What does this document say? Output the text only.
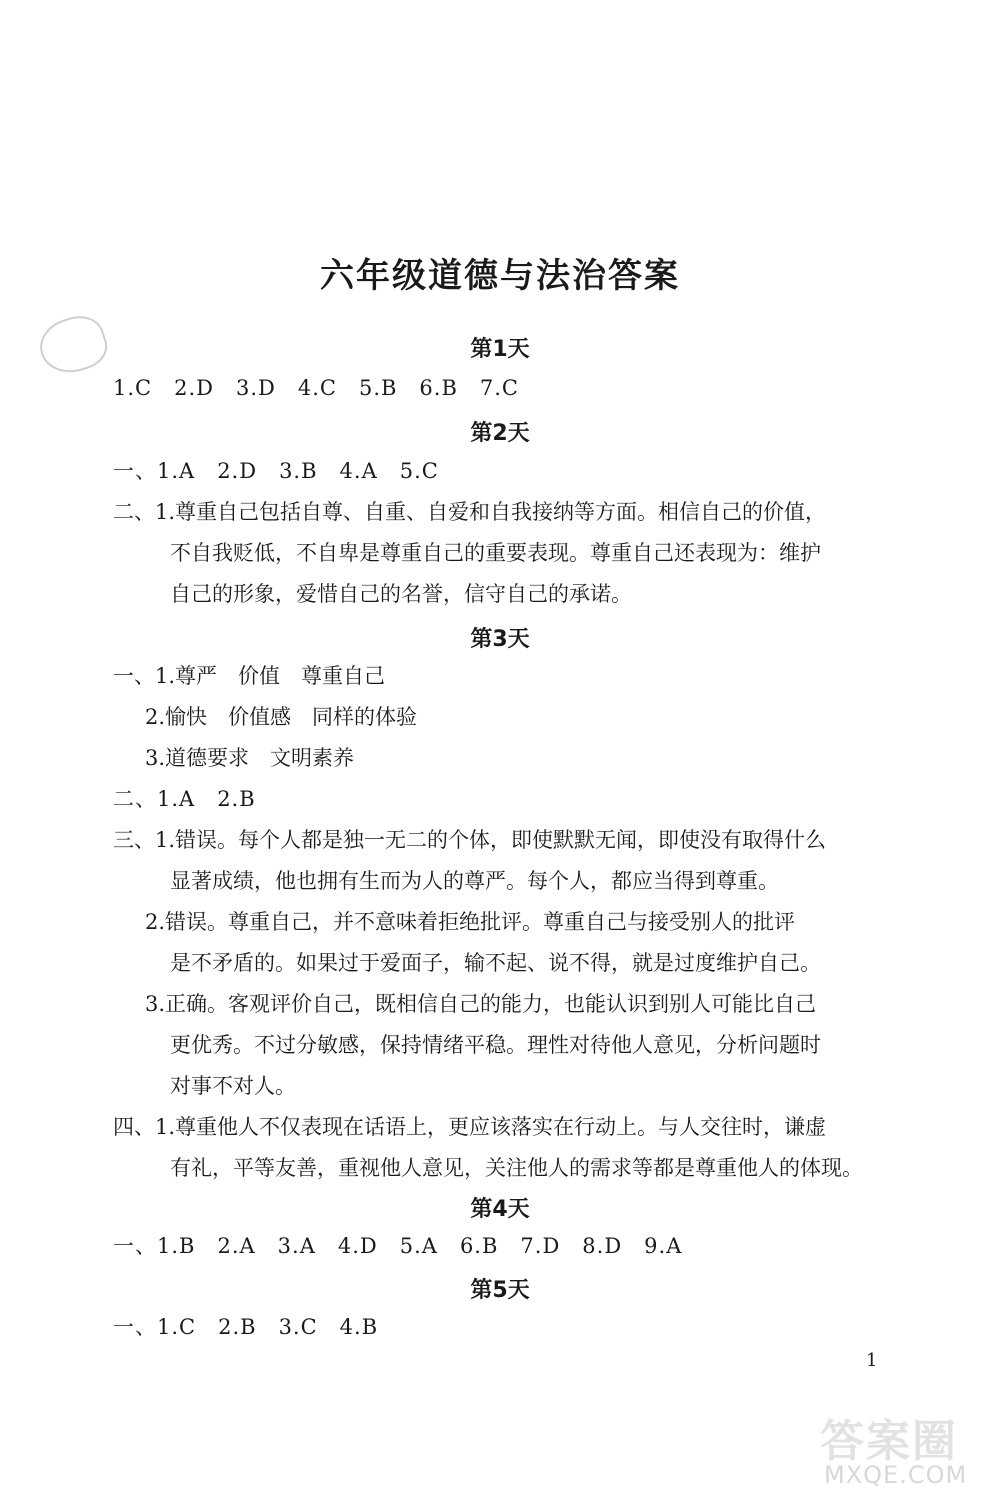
六年级道德与法治答案
第1天
1.C　2.D　3.D　4.C　5.B　6.B　7.C
第2天
一、1.A　2.D　3.B　4.A　5.C
二、1.尊重自己包括自尊、自重、自爱和自我接纳等方面。相信自己的价值，
不自我贬低，不自卑是尊重自己的重要表现。尊重自己还表现为：维护
自己的形象，爱惜自己的名誉，信守自己的承诺。
第3天
一、1.尊严　价值　尊重自己
2.愉快　价值感　同样的体验
3.道德要求　文明素养
二、1.A　2.B
三、1.错误。每个人都是独一无二的个体，即使默默无闻，即使没有取得什么
显著成绩，他也拥有生而为人的尊严。每个人，都应当得到尊重。
2.错误。尊重自己，并不意味着拒绝批评。尊重自己与接受别人的批评
是不矛盾的。如果过于爱面子，输不起、说不得，就是过度维护自己。
3.正确。客观评价自己，既相信自己的能力，也能认识到别人可能比自己
更优秀。不过分敏感，保持情绪平稳。理性对待他人意见，分析问题时
对事不对人。
四、1.尊重他人不仅表现在话语上，更应该落实在行动上。与人交往时，谦虚
有礼，平等友善，重视他人意见，关注他人的需求等都是尊重他人的体现。
第4天
一、1.B　2.A　3.A　4.D　5.A　6.B　7.D　8.D　9.A
第5天
一、1.C　2.B　3.C　4.B
1
答案圈
MXQE.COM
